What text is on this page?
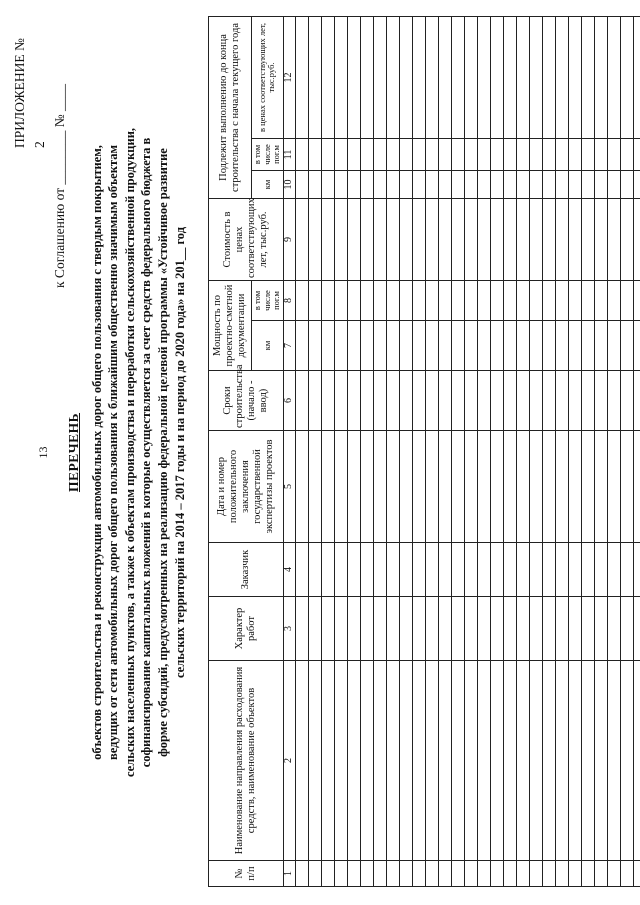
13
ПРИЛОЖЕНИЕ № 2 к Соглашению от ________ № ____
ПЕРЕЧЕНЬ объектов строительства и реконструкции автомобильных дорог общего пользования с твердым покрытием, ведущих от сети автомобильных дорог общего пользования к ближайшим общественно значимым объектам сельских населенных пунктов, а также к объектам производства и переработки сельскохозяйственной продукции, софинансирование капитальных вложений в которые осуществляется за счет средств федерального бюджета в форме субсидий, предусмотренных на реализацию федеральной целевой программы «Устойчивое развитие сельских территорий на 2014 – 2017 годы и на период до 2020 года» на 201__ год
№ п/п	Наименование направления расходования средств, наименование объектов	Характер работ	Заказчик	Дата и номер положительного заключения государственной экспертизы проектов	Сроки строительства (начало - ввод)	Мощность по проектно-сметной документации		Стоимость в ценах соответствующих лет, тыс.руб.	Подлежит выполнению до конца строительства с начала текущего года		
						км	в том числе пог.м		км	в том числе пог.м	в ценах соответствующих лет, тыс.руб.
1	2	3	4	5	6	7	8	9	10	11	12
